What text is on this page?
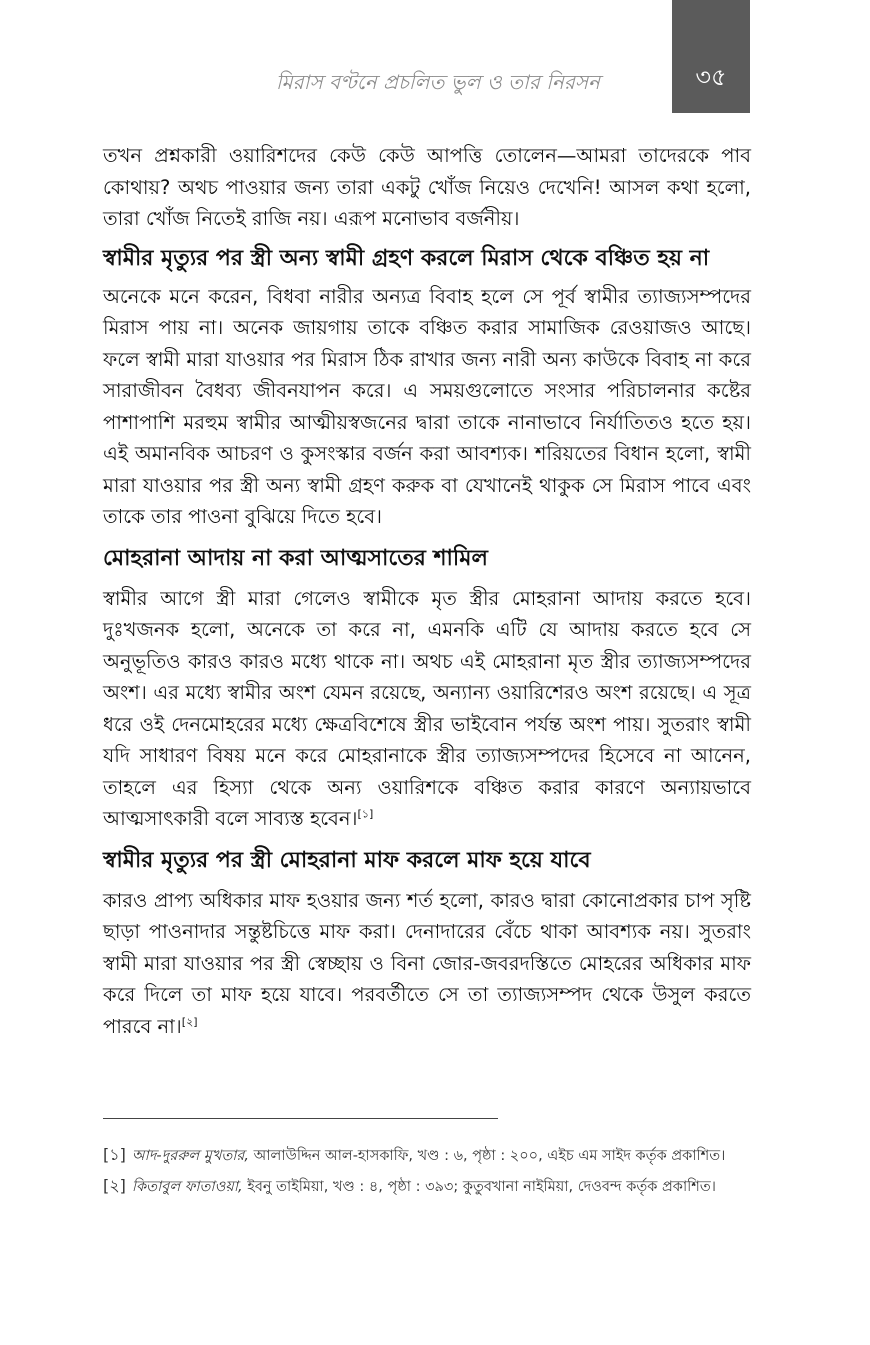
মিরাস বণ্টনে প্রচলিত ভুল ও তার নিরসন	৩৫

তখন প্রশ্নকারী ওয়ারিশদের কেউ কেউ আপত্তি তোলেন—আমরা তাদেরকে পাব কোথায়? অথচ পাওয়ার জন্য তারা একটু খোঁজ নিয়েও দেখেনি! আসল কথা হলো, তারা খোঁজ নিতেই রাজি নয়। এরূপ মনোভাব বর্জনীয়।

স্বামীর মৃত্যুর পর স্ত্রী অন্য স্বামী গ্রহণ করলে মিরাস থেকে বঞ্চিত হয় না

অনেকে মনে করেন, বিধবা নারীর অন্যত্র বিবাহ হলে সে পূর্ব স্বামীর ত্যাজ্যসম্পদের মিরাস পায় না। অনেক জায়গায় তাকে বঞ্চিত করার সামাজিক রেওয়াজও আছে। ফলে স্বামী মারা যাওয়ার পর মিরাস ঠিক রাখার জন্য নারী অন্য কাউকে বিবাহ না করে সারাজীবন বৈধব্য জীবনযাপন করে। এ সময়গুলোতে সংসার পরিচালনার কষ্টের পাশাপাশি মরহুম স্বামীর আত্মীয়স্বজনের দ্বারা তাকে নানাভাবে নির্যাতিতও হতে হয়। এই অমানবিক আচরণ ও কুসংস্কার বর্জন করা আবশ্যক। শরিয়তের বিধান হলো, স্বামী মারা যাওয়ার পর স্ত্রী অন্য স্বামী গ্রহণ করুক বা যেখানেই থাকুক সে মিরাস পাবে এবং তাকে তার পাওনা বুঝিয়ে দিতে হবে।

মোহরানা আদায় না করা আত্মসাতের শামিল

স্বামীর আগে স্ত্রী মারা গেলেও স্বামীকে মৃত স্ত্রীর মোহরানা আদায় করতে হবে। দুঃখজনক হলো, অনেকে তা করে না, এমনকি এটি যে আদায় করতে হবে সে অনুভূতিও কারও কারও মধ্যে থাকে না। অথচ এই মোহরানা মৃত স্ত্রীর ত্যাজ্যসম্পদের অংশ। এর মধ্যে স্বামীর অংশ যেমন রয়েছে, অন্যান্য ওয়ারিশেরও অংশ রয়েছে। এ সূত্র ধরে ওই দেনমোহরের মধ্যে ক্ষেত্রবিশেষে স্ত্রীর ভাইবোন পর্যন্ত অংশ পায়। সুতরাং স্বামী যদি সাধারণ বিষয় মনে করে মোহরানাকে স্ত্রীর ত্যাজ্যসম্পদের হিসেবে না আনেন, তাহলে এর হিস্যা থেকে অন্য ওয়ারিশকে বঞ্চিত করার কারণে অন্যায়ভাবে আত্মসাৎকারী বলে সাব্যস্ত হবেন।[১]

স্বামীর মৃত্যুর পর স্ত্রী মোহরানা মাফ করলে মাফ হয়ে যাবে

কারও প্রাপ্য অধিকার মাফ হওয়ার জন্য শর্ত হলো, কারও দ্বারা কোনোপ্রকার চাপ সৃষ্টি ছাড়া পাওনাদার সন্তুষ্টচিত্তে মাফ করা। দেনাদারের বেঁচে থাকা আবশ্যক নয়। সুতরাং স্বামী মারা যাওয়ার পর স্ত্রী স্বেচ্ছায় ও বিনা জোর-জবরদস্তিতে মোহরের অধিকার মাফ করে দিলে তা মাফ হয়ে যাবে। পরবর্তীতে সে তা ত্যাজ্যসম্পদ থেকে উসুল করতে পারবে না।[২]

[১] আদ-দুররুল মুখতার, আলাউদ্দিন আল-হাসকাফি, খণ্ড : ৬, পৃষ্ঠা : ২০০, এইচ এম সাইদ কর্তৃক প্রকাশিত।

[২] কিতাবুল ফাতাওয়া, ইবনু তাইমিয়া, খণ্ড : ৪, পৃষ্ঠা : ৩৯৩; কুতুবখানা নাইমিয়া, দেওবন্দ কর্তৃক প্রকাশিত।
